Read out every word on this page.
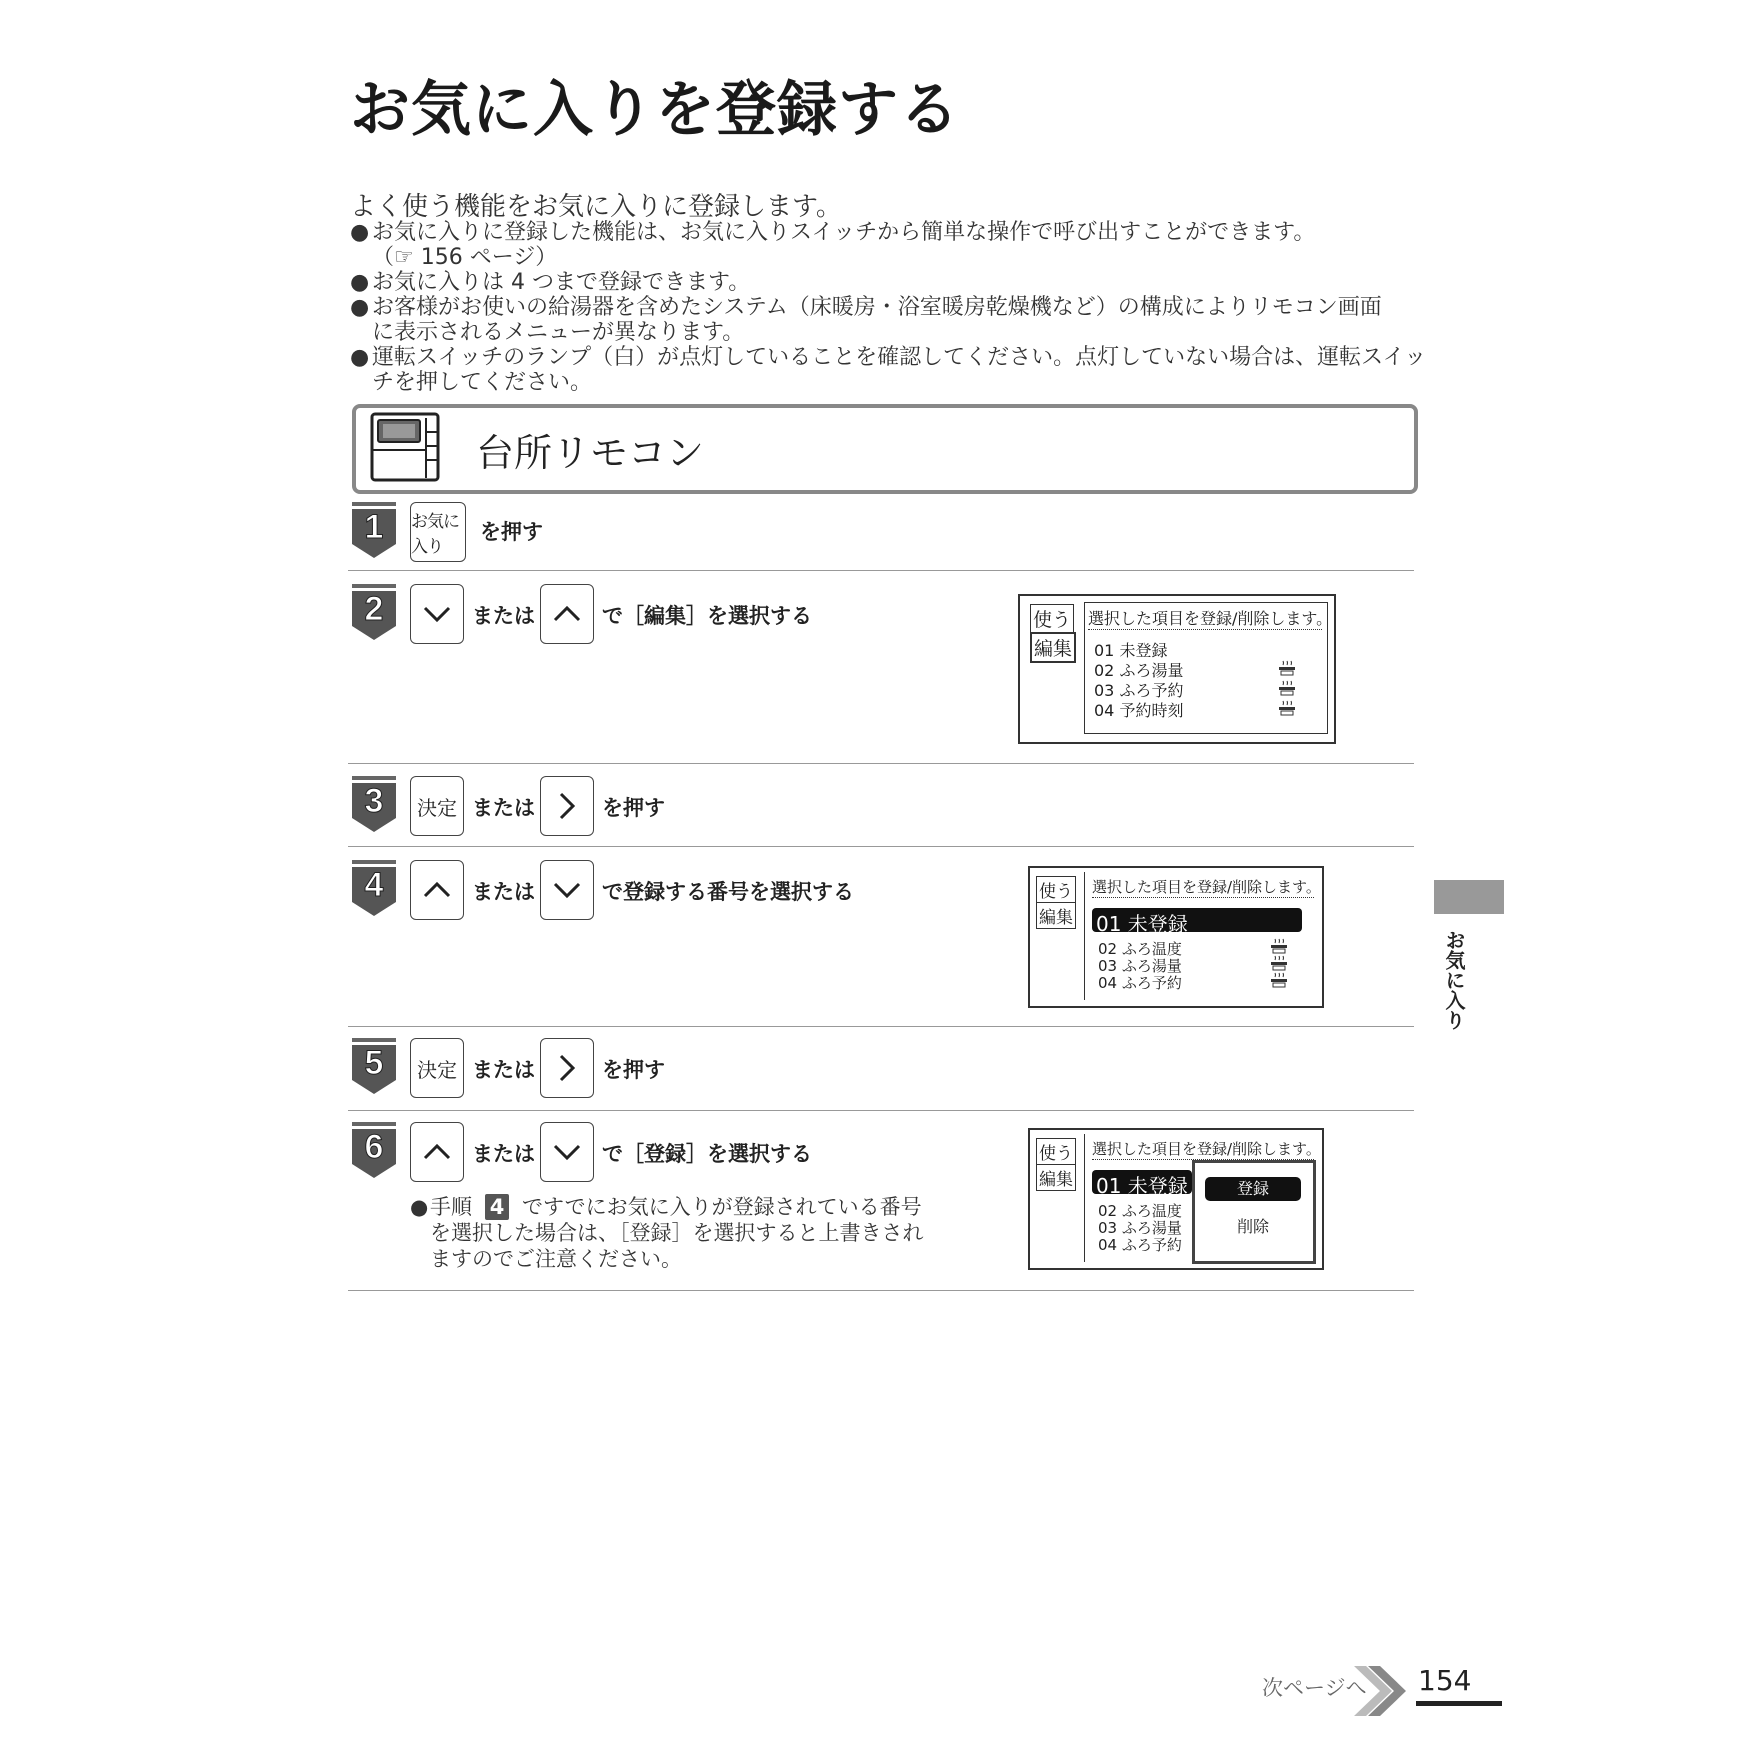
お気に入りを登録する
よく使う機能をお気に入りに登録します。
● お気に入りに登録した機能は、お気に入りスイッチから簡単な操作で呼び出すことができます。
（☞ 156 ページ）
● お気に入りは 4 つまで登録できます。
● お客様がお使いの給湯器を含めたシステム（床暖房・浴室暖房乾燥機など）の構成によりリモコン画面
に表示されるメニューが異なります。
● 運転スイッチのランプ（白）が点灯していることを確認してください。点灯していない場合は、運転スイッ
チを押してください。
台所リモコン
1 お気に入り
を押す
2	または	で［編集］を選択する	使う
編集
選択した項目を登録/削除します。
01 未登録
02 ふろ湯量
03 ふろ予約
04 予約時刻
3	決定 または	を押す
4	または	で登録する番号を選択する	使う
編集
選択した項目を登録/削除します。
01 未登録
02 ふろ温度
03 ふろ湯量
04 ふろ予約
5	決定 または	を押す
6	または	で［登録］を選択する
● 手順 4 ですでにお気に入りが登録されている番号
を選択した場合は、［登録］を選択すると上書きされ
ますのでご注意ください。
使う
編集
選択した項目を登録/削除します。
01 未登録
02 ふろ温度
03 ふろ湯量
04 ふろ予約
登録
削除
お気に入り
次ページへ 154
